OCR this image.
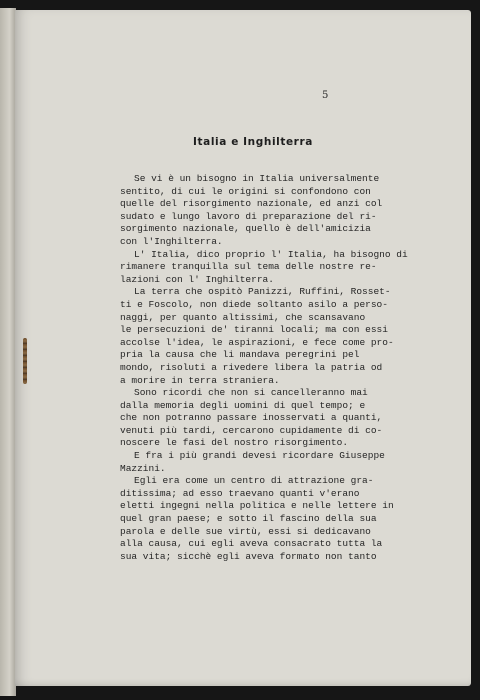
5
Italia e Inghilterra
Se vi è un bisogno in Italia universalmente
sentito, di cui le origini si confondono con
quelle del risorgimento nazionale, ed anzi col
sudato e lungo lavoro di preparazione del ri-
sorgimento nazionale, quello è dell'amicizia
con l'Inghilterra.
L' Italia, dico proprio l' Italia, ha bisogno di
rimanere tranquilla sul tema delle nostre re-
lazioni con l' Inghilterra.
La terra che ospitò Panizzi, Ruffini, Rosset-
ti e Foscolo, non diede soltanto asilo a perso-
naggi, per quanto altissimi, che scansavano
le persecuzioni de' tiranni locali; ma con essi
accolse l'idea, le aspirazioni, e fece come pro-
pria la causa che li mandava peregrini pel
mondo, risoluti a rivedere libera la patria od
a morire in terra straniera.
Sono ricordi che non si cancelleranno mai
dalla memoria degli uomini di quel tempo; e
che non potranno passare inosservati a quanti,
venuti più tardi, cercarono cupidamente di co-
noscere le fasi del nostro risorgimento.
E fra i più grandi devesi ricordare Giuseppe
Mazzini.
Egli era come un centro di attrazione gra-
ditissima; ad esso traevano quanti v'erano
eletti ingegni nella politica e nelle lettere in
quel gran paese; e sotto il fascino della sua
parola e delle sue virtù, essi si dedicavano
alla causa, cui egli aveva consacrato tutta la
sua vita; sicchè egli aveva formato non tanto
